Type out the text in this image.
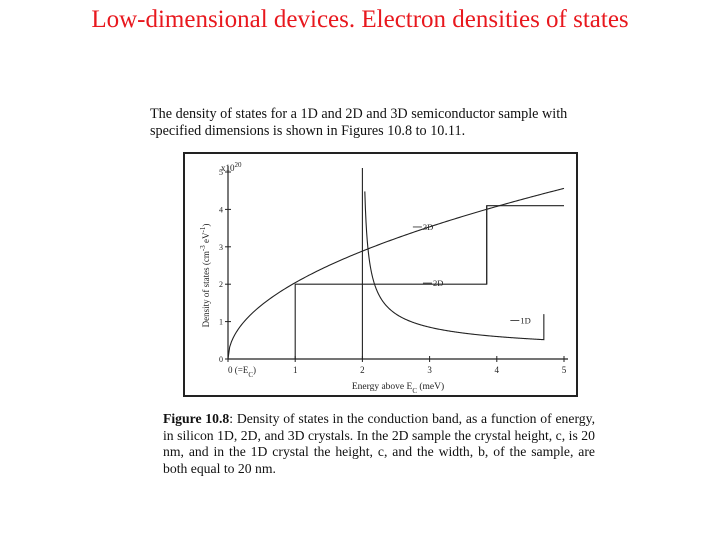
Low-dimensional devices. Electron densities of states
The density of states for a 1D and 2D and 3D semiconductor sample with
specified dimensions is shown in Figures 10.8 to 10.11.
0
1
2
3
4
5
0 $(=E_C)$	1	2	3	4	5
$x10^{20}$
Energy above $E_C$ (meV)
Density of states ($cm^{-3}$ $eV^{-1}$)	3D
2D
1D
Figure 10.8: Density of states in the conduction band, as a function of energy, in silicon 1D, 2D, and 3D crystals. In the 2D sample the crystal height, c, is 20 nm, and in the 1D crystal the height, c, and the width, b, of the sample, are both equal to 20 nm.
